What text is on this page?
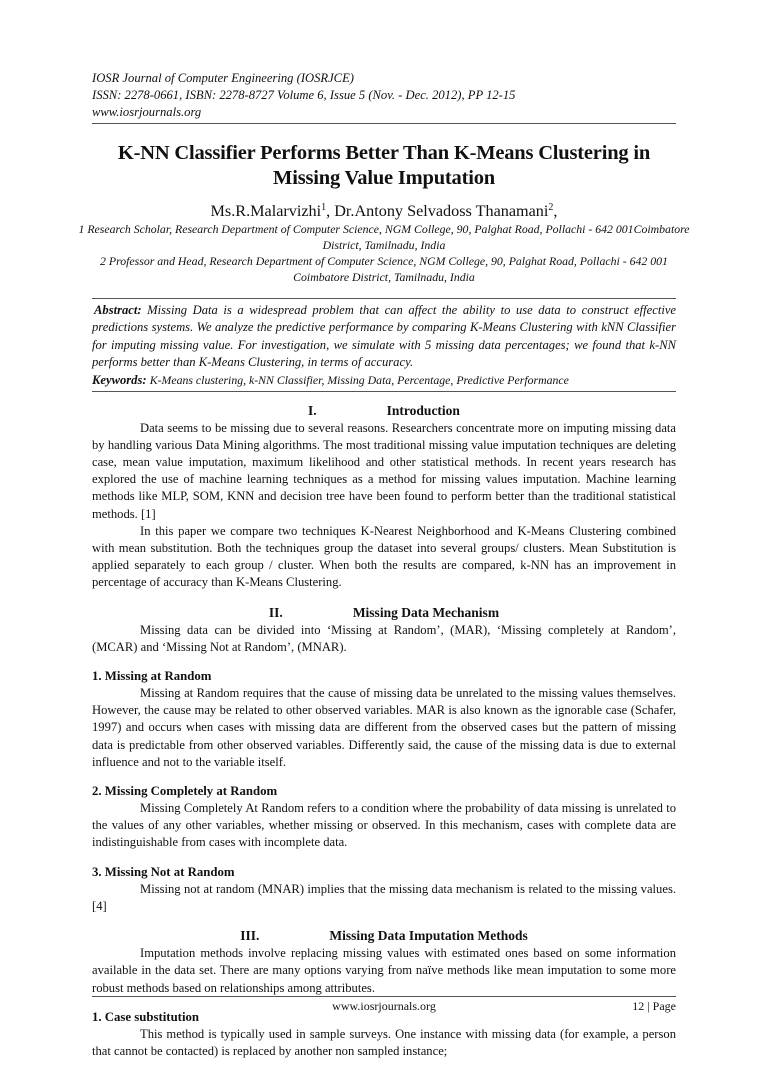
IOSR Journal of Computer Engineering (IOSRJCE)
ISSN: 2278-0661, ISBN: 2278-8727 Volume 6, Issue 5 (Nov. - Dec. 2012), PP 12-15
www.iosrjournals.org
K-NN Classifier Performs Better Than K-Means Clustering in Missing Value Imputation
Ms.R.Malarvizhi$^1$, Dr.Antony Selvadoss Thanamani$^2$,
1 Research Scholar, Research Department of Computer Science, NGM College, 90, Palghat Road, Pollachi - 642 001Coimbatore District, Tamilnadu, India
2 Professor and Head, Research Department of Computer Science, NGM College, 90, Palghat Road, Pollachi - 642 001 Coimbatore District, Tamilnadu, India
Abstract: Missing Data is a widespread problem that can affect the ability to use data to construct effective predictions systems. We analyze the predictive performance by comparing K-Means Clustering with kNN Classifier for imputing missing value. For investigation, we simulate with 5 missing data percentages; we found that k-NN performs better than K-Means Clustering, in terms of accuracy.
Keywords: K-Means clustering, k-NN Classifier, Missing Data, Percentage, Predictive Performance
I.	Introduction

Data seems to be missing due to several reasons. Researchers concentrate more on imputing missing data by handling various Data Mining algorithms. The most traditional missing value imputation techniques are deleting case, mean value imputation, maximum likelihood and other statistical methods. In recent years research has explored the use of machine learning techniques as a method for missing values imputation. Machine learning methods like MLP, SOM, KNN and decision tree have been found to perform better than the traditional statistical methods. [1]

In this paper we compare two techniques K-Nearest Neighborhood and K-Means Clustering combined with mean substitution. Both the techniques group the dataset into several groups/ clusters. Mean Substitution is applied separately to each group / cluster. When both the results are compared, k-NN has an improvement in percentage of accuracy than K-Means Clustering.

II.	Missing Data Mechanism

Missing data can be divided into ‘Missing at Random’, (MAR), ‘Missing completely at Random’, (MCAR) and ‘Missing Not at Random’, (MNAR).

1. Missing at Random

Missing at Random requires that the cause of missing data be unrelated to the missing values themselves. However, the cause may be related to other observed variables. MAR is also known as the ignorable case (Schafer, 1997) and occurs when cases with missing data are different from the observed cases but the pattern of missing data is predictable from other observed variables. Differently said, the cause of the missing data is due to external influence and not to the variable itself.

2. Missing Completely at Random

Missing Completely At Random refers to a condition where the probability of data missing is unrelated to the values of any other variables, whether missing or observed. In this mechanism, cases with complete data are indistinguishable from cases with incomplete data.

3. Missing Not at Random

Missing not at random (MNAR) implies that the missing data mechanism is related to the missing values.[4]

III.	Missing Data Imputation Methods

Imputation methods involve replacing missing values with estimated ones based on some information available in the data set. There are many options varying from naïve methods like mean imputation to some more robust methods based on relationships among attributes.

1. Case substitution

This method is typically used in sample surveys. One instance with missing data (for example, a person that cannot be contacted) is replaced by another non sampled instance;

www.iosrjournals.org	12 | Page
